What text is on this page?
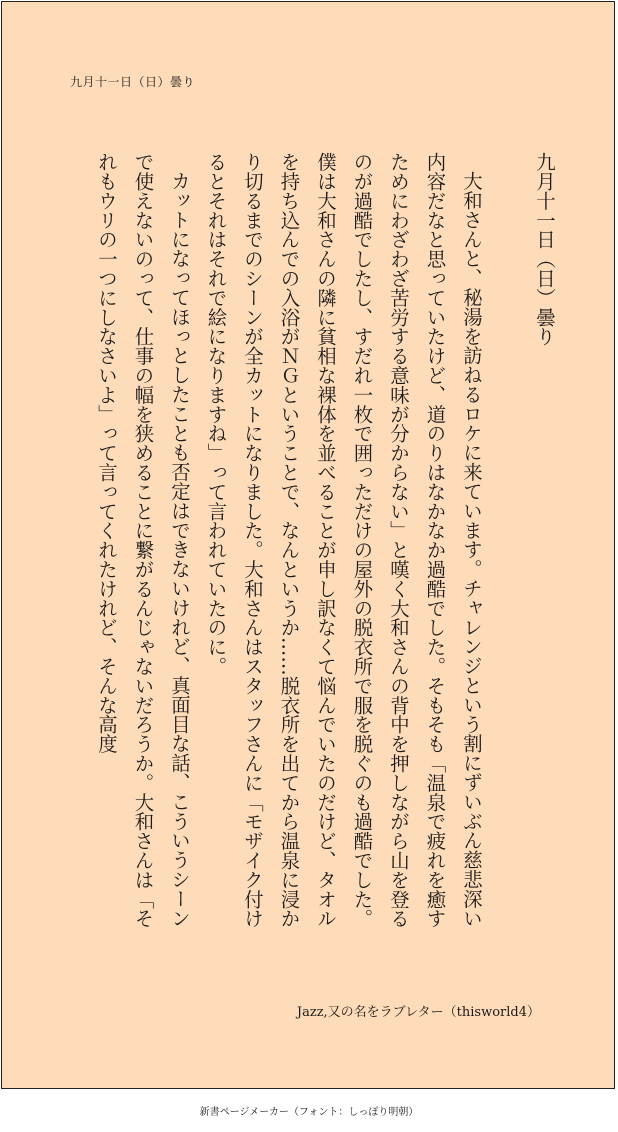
九月十一日（日）曇り
九月十一日（日）曇り

大和さんと、秘湯を訪ねるロケに来ています。チャレンジという割にずいぶん慈悲深い内容だなと思っていたけど、道のりはなかなか過酷でした。そもそも「温泉で疲れを癒すためにわざわざ苦労する意味が分からない」と嘆く大和さんの背中を押しながら山を登るのが過酷でしたし、すだれ一枚で囲っただけの屋外の脱衣所で服を脱ぐのも過酷でした。僕は大和さんの隣に貧相な裸体を並べることが申し訳なくて悩んでいたのだけど、タオルを持ち込んでの入浴がＮＧということで、なんというか……脱衣所を出てから温泉に浸かり切るまでのシーンが全カットになりました。大和さんはスタッフさんに「モザイク付けるとそれはそれで絵になりますね」って言われていたのに。

カットになってほっとしたことも否定はできないけれど、真面目な話、こういうシーンで使えないのって、仕事の幅を狭めることに繋がるんじゃないだろうか。大和さんは「それもウリの一つにしなさいよ」って言ってくれたけれど、そんな高度

Jazz,又の名をラブレター（thisworld4）
新書ページメーカー（フォント：しっぽり明朝）
